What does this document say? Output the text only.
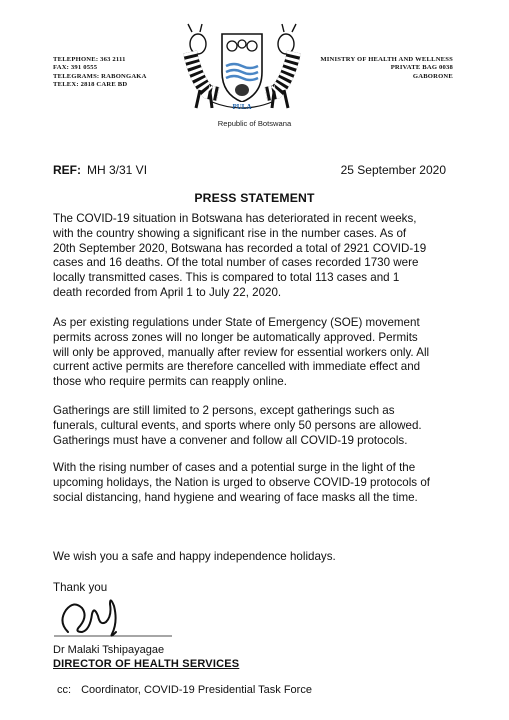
TELEPHONE: 363 2111
FAX: 391 0555
TELEGRAMS: RABONGAKA
TELEX: 2818 CARE BD
PULA
MINISTRY OF HEALTH AND WELLNESS
PRIVATE BAG 0038
GABORONE
Republic of Botswana
REF: MH 3/31 VI	25 September 2020
PRESS STATEMENT
The COVID-19 situation in Botswana has deteriorated in recent weeks,
with the country showing a significant rise in the number cases. As of
20th September 2020, Botswana has recorded a total of 2921 COVID-19
cases and 16 deaths. Of the total number of cases recorded 1730 were
locally transmitted cases. This is compared to total 113 cases and 1
death recorded from April 1 to July 22, 2020.
As per existing regulations under State of Emergency (SOE) movement
permits across zones will no longer be automatically approved. Permits
will only be approved, manually after review for essential workers only. All
current active permits are therefore cancelled with immediate effect and
those who require permits can reapply online.
Gatherings are still limited to 2 persons, except gatherings such as
funerals, cultural events, and sports where only 50 persons are allowed.
Gatherings must have a convener and follow all COVID-19 protocols.
With the rising number of cases and a potential surge in the light of the
upcoming holidays, the Nation is urged to observe COVID-19 protocols of
social distancing, hand hygiene and wearing of face masks all the time.
We wish you a safe and happy independence holidays.
Thank you
Dr Malaki Tshipayagae
DIRECTOR OF HEALTH SERVICES
cc: Coordinator, COVID-19 Presidential Task Force
